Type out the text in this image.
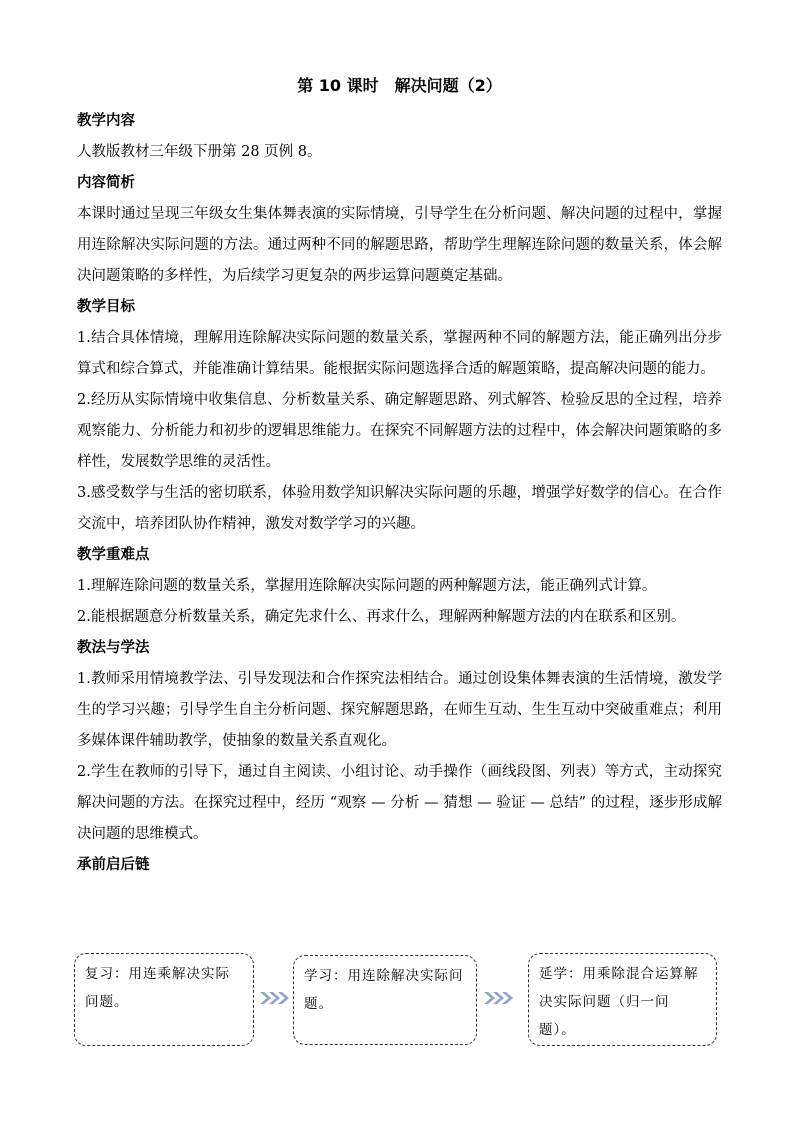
第 10 课时　解决问题（2）

教学内容

人教版教材三年级下册第 28 页例 8。

内容简析

本课时通过呈现三年级女生集体舞表演的实际情境，引导学生在分析问题、解决问题的过程中，掌握用连除解决实际问题的方法。通过两种不同的解题思路，帮助学生理解连除问题的数量关系，体会解决问题策略的多样性，为后续学习更复杂的两步运算问题奠定基础。

教学目标

1.结合具体情境，理解用连除解决实际问题的数量关系，掌握两种不同的解题方法，能正确列出分步算式和综合算式，并能准确计算结果。能根据实际问题选择合适的解题策略，提高解决问题的能力。

2.经历从实际情境中收集信息、分析数量关系、确定解题思路、列式解答、检验反思的全过程，培养观察能力、分析能力和初步的逻辑思维能力。在探究不同解题方法的过程中，体会解决问题策略的多样性，发展数学思维的灵活性。

3.感受数学与生活的密切联系，体验用数学知识解决实际问题的乐趣，增强学好数学的信心。在合作交流中，培养团队协作精神，激发对数学学习的兴趣。

教学重难点

1.理解连除问题的数量关系，掌握用连除解决实际问题的两种解题方法，能正确列式计算。

2.能根据题意分析数量关系，确定先求什么、再求什么，理解两种解题方法的内在联系和区别。

教法与学法

1.教师采用情境教学法、引导发现法和合作探究法相结合。通过创设集体舞表演的生活情境，激发学生的学习兴趣；引导学生自主分析问题、探究解题思路，在师生互动、生生互动中突破重难点；利用多媒体课件辅助教学，使抽象的数量关系直观化。

2.学生在教师的引导下，通过自主阅读、小组讨论、动手操作（画线段图、列表）等方式，主动探究解决问题的方法。在探究过程中，经历 “观察 — 分析 — 猜想 — 验证 — 总结” 的过程，逐步形成解决问题的思维模式。

承前启后链

复习：用连乘解决实际问题。
学习：用连除解决实际问题。
延学：用乘除混合运算解决实际问题（归一问题）。
